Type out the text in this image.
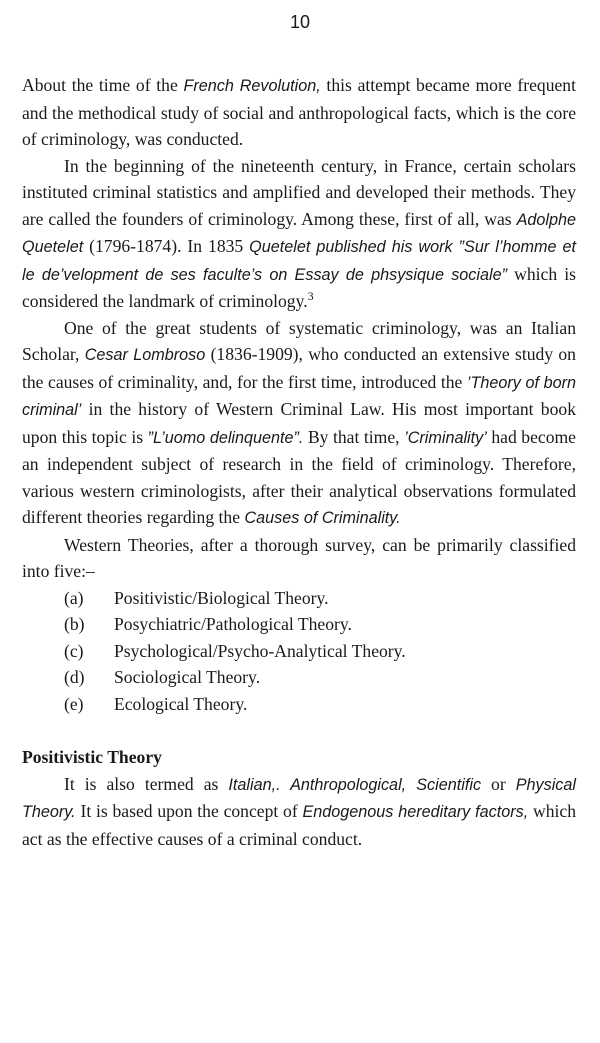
10

About the time of the French Revolution, this attempt became more frequent and the methodical study of social and anthropological facts, which is the core of criminology, was conducted.

In the beginning of the nineteenth century, in France, certain scholars instituted criminal statistics and amplified and developed their methods. They are called the founders of criminology. Among these, first of all, was Adolphe Quetelet (1796-1874). In 1835 Quetelet published his work ”Sur l’homme et le de’velopment de ses faculte’s on Essay de phsysique sociale” which is considered the landmark of criminology.$^3$

One of the great students of systematic criminology, was an Italian Scholar, Cesar Lombroso (1836-1909), who conducted an extensive study on the causes of criminality, and, for the first time, introduced the ’Theory of born criminal’ in the history of Western Criminal Law. His most important book upon this topic is ”L’uomo delinquente”. By that time, ’Criminality’ had become an independent subject of research in the field of criminology. Therefore, various western criminologists, after their analytical observations formulated different theories regarding the Causes of Criminality.

Western Theories, after a thorough survey, can be primarily classified into five:–

(a)	Positivistic/Biological Theory.
(b)	Posychiatric/Pathological Theory.
(c)	Psychological/Psycho-Analytical Theory.
(d)	Sociological Theory.
(e)	Ecological Theory.
Positivistic Theory

It is also termed as Italian,. Anthropological, Scientific or Physical Theory. It is based upon the concept of Endogenous hereditary factors, which act as the effective causes of a criminal conduct.
